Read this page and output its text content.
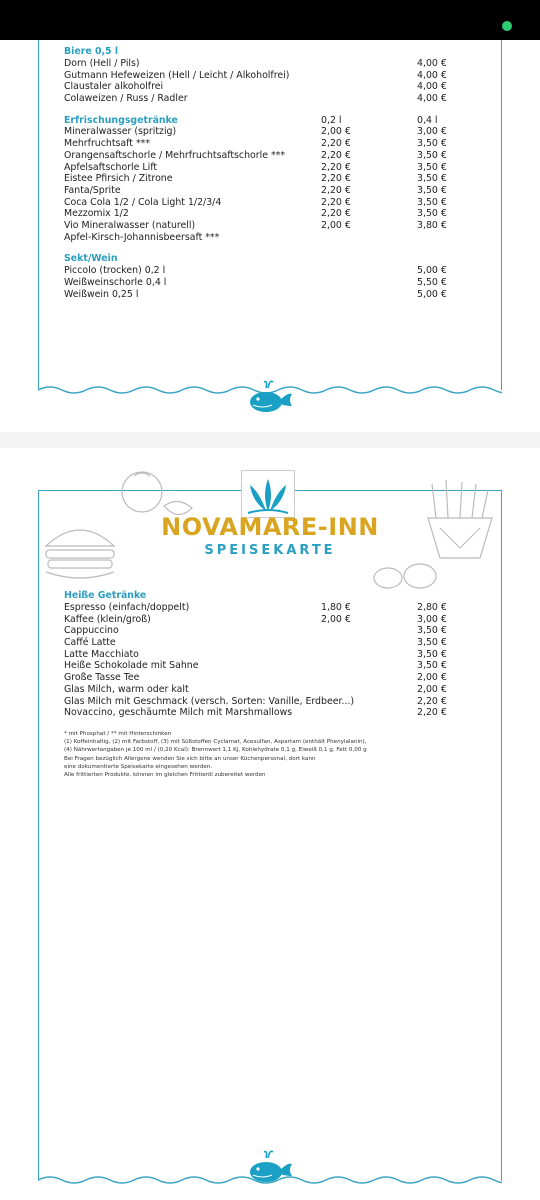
Biere 0,5 l
Dorn (Hell / Pils)	4,00 €
Gutmann Hefeweizen (Hell / Leicht / Alkoholfrei)	4,00 €
Claustaler alkoholfrei	4,00 €
Colaweizen / Russ / Radler	4,00 €
Erfrischungsgetränke	0,2 l	0,4 l
Mineralwasser (spritzig)	2,00 €	3,00 €
Mehrfruchtsaft ***	2,20 €	3,50 €
Orangensaftschorle / Mehrfruchtsaftschorle ***	2,20 €	3,50 €
Apfelsaftschorle Lift	2,20 €	3,50 €
Eistee Pfirsich / Zitrone	2,20 €	3,50 €
Fanta/Sprite	2,20 €	3,50 €
Coca Cola 1/2 / Cola Light 1/2/3/4	2,20 €	3,50 €
Mezzomix 1/2	2,20 €	3,50 €
Vio Mineralwasser (naturell)	2,00 €	3,80 €
Apfel-Kirsch-Johannisbeersaft ***
Sekt/Wein
Piccolo (trocken) 0,2 l	5,00 €
Weißweinschorle 0,4 l	5,50 €
Weißwein 0,25 l	5,00 €
NOVAMARE-INN
SPEISEKARTE
Heiße Getränke
Espresso (einfach/doppelt)	1,80 €	2,80 €
Kaffee (klein/groß)	2,00 €	3,00 €
Cappuccino	3,50 €
Caffé Latte	3,50 €
Latte Macchiato	3,50 €
Heiße Schokolade mit Sahne	3,50 €
Große Tasse Tee	2,00 €
Glas Milch, warm oder kalt	2,00 €
Glas Milch mit Geschmack (versch. Sorten: Vanille, Erdbeer...)	2,20 €
Novaccino, geschäumte Milch mit Marshmallows	2,20 €
* mit Phosphat / ** mit Hinterschinken
(1) Koffeinhaltig, (2) mit Farbstoff, (3) mit Süßstoffen Cyclamat, Acesulfan, Aspartam (enthält Phenylalanin),
(4) Nährwertangaben je 100 ml / (0,20 Kcal): Brennwert 1,1 KJ, Kohlehydrate 0,1 g, Eiweiß 0,1 g, Fett 0,00 g
Bei Fragen bezüglich Allergene wenden Sie sich bitte an unser Küchenpersonal, dort kann
eine dokumentierte Speisekarte eingesehen werden.
Alle frittierten Produkte, können im gleichen Frittieröl zubereitet werden
